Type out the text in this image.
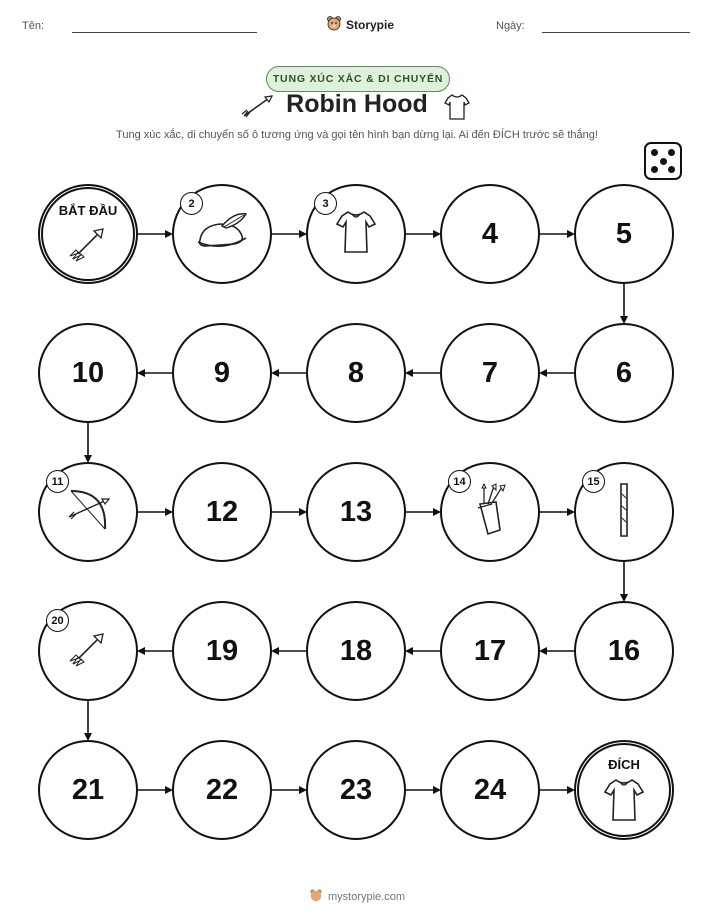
Tên:	Storypie	Ngày:
TUNG XÚC XẮC & DI CHUYỂN
Robin Hood
Tung xúc xắc, di chuyển số ô tương ứng và gọi tên hình bạn dừng lại. Ai đến ĐÍCH trước sẽ thắng!
BẮT ĐẦU	2	3
4	5
6
7
8
9
10
11
12	13
14	15
16
17
18
19
20
21	22	23	24
ĐÍCH
mystorypie.com
